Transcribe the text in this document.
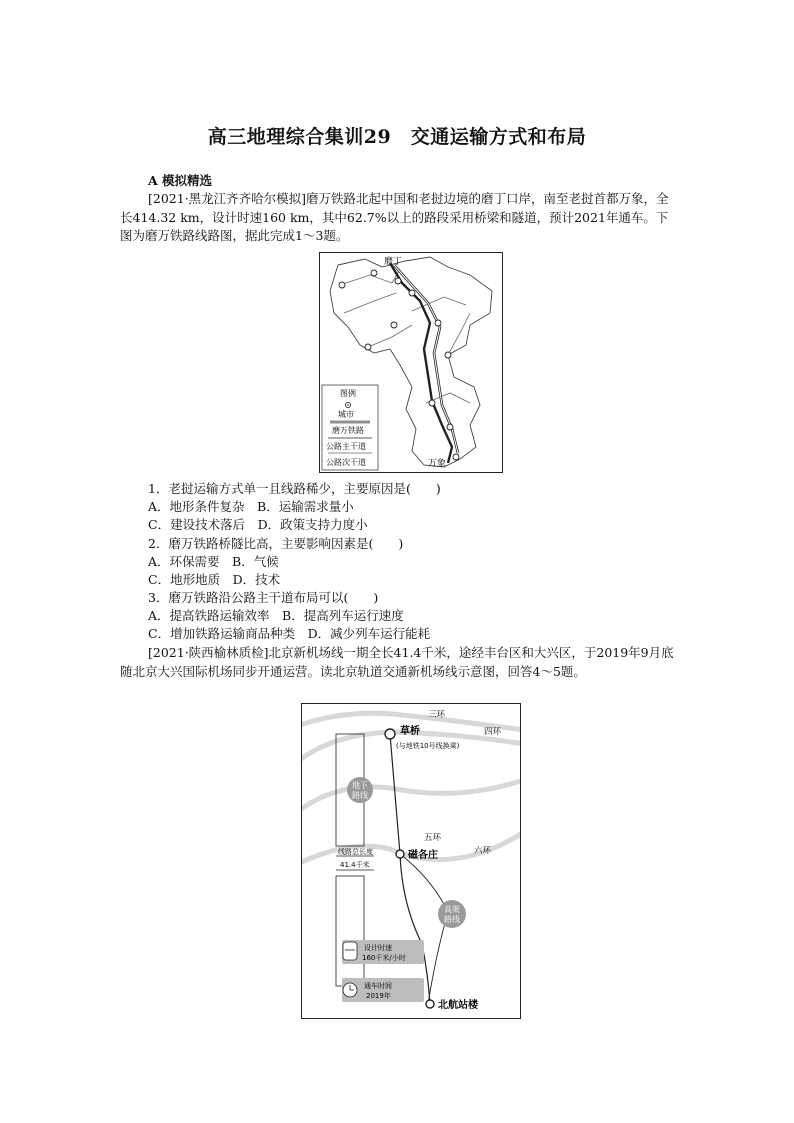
高三地理综合集训29　交通运输方式和布局

A 模拟精选

[2021·黑龙江齐齐哈尔模拟]磨万铁路北起中国和老挝边境的磨丁口岸，南至老挝首都万象，全长414.32 km，设计时速160 km，其中62.7%以上的路段采用桥梁和隧道，预计2021年通车。下图为磨万铁路线路图，据此完成1～3题。

磨丁
万象
图例
城市
磨万铁路
公路主干道
公路次干道

1．老挝运输方式单一且线路稀少，主要原因是(　　)

A．地形条件复杂　B．运输需求量小

C．建设技术落后　D．政策支持力度小

2．磨万铁路桥隧比高，主要影响因素是(　　)

A．环保需要　B．气候

C．地形地质　D．技术

3．磨万铁路沿公路主干道布局可以(　　)

A．提高铁路运输效率　B．提高列车运行速度

C．增加铁路运输商品种类　D．减少列车运行能耗

[2021·陕西榆林质检]北京新机场线一期全长41.4千米，途经丰台区和大兴区，于2019年9月底随北京大兴国际机场同步开通运营。读北京轨道交通新机场线示意图，回答4～5题。

三环
四环
五环
六环
草桥
(与地铁10号线换乘)
地下
路线
磁各庄
线路总长度
41.4千米
高架
路线
设计时速
160千米/小时
通车时间
2019年
北航站楼
